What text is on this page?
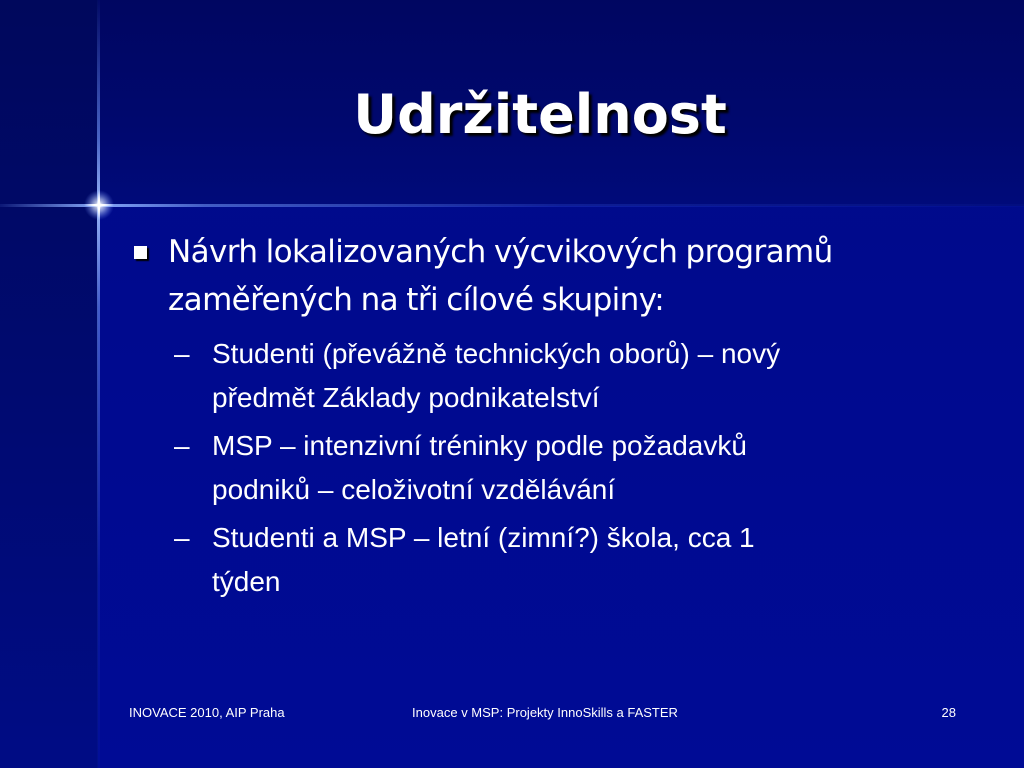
Udržitelnost
Návrh lokalizovaných výcvikových programů
zaměřených na tři cílové skupiny:
– Studenti (převážně technických oborů) – nový
předmět Základy podnikatelství
– MSP – intenzivní tréninky podle požadavků
podniků – celoživotní vzdělávání
– Studenti a MSP – letní (zimní?) škola, cca 1
týden
INOVACE 2010, AIP Praha	Inovace v MSP: Projekty InnoSkills a FASTER	28
